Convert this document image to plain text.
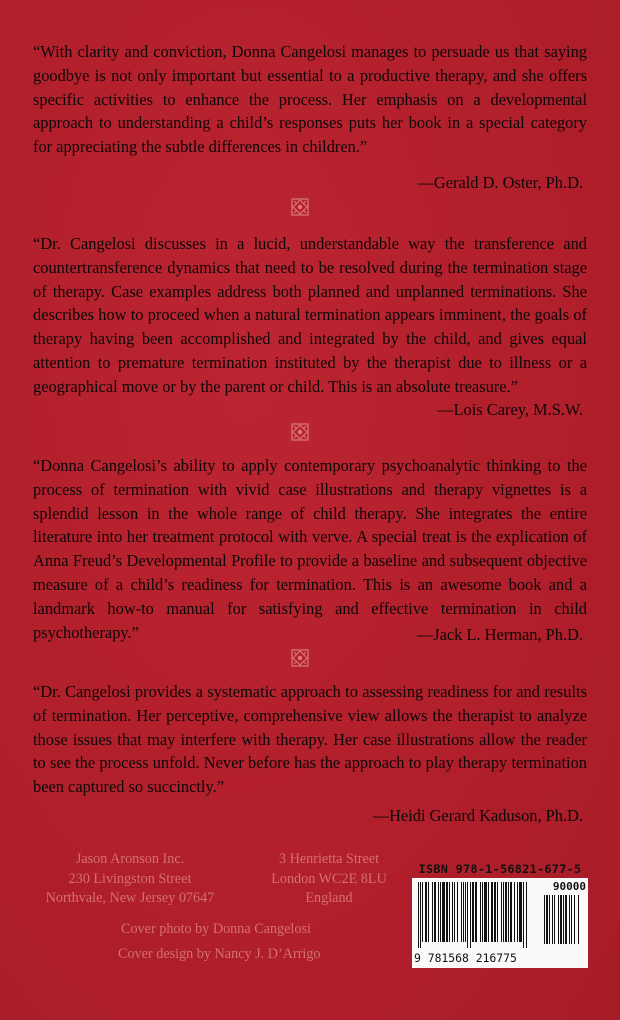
“With clarity and conviction, Donna Cangelosi manages to persuade us that saying goodbye is not only important but essential to a productive therapy, and she offers specific activities to enhance the process. Her emphasis on a developmental approach to understanding a child’s responses puts her book in a special category for appreciating the subtle differences in children.”

—Gerald D. Oster, Ph.D.

“Dr. Cangelosi discusses in a lucid, understandable way the transference and countertransference dynamics that need to be resolved during the termination stage of therapy. Case examples address both planned and unplanned terminations. She describes how to proceed when a natural termination appears imminent, the goals of therapy having been accomplished and integrated by the child, and gives equal attention to premature termination instituted by the therapist due to illness or a geographical move or by the parent or child. This is an absolute treasure.”

—Lois Carey, M.S.W.

“Donna Cangelosi’s ability to apply contemporary psychoanalytic thinking to the process of termination with vivid case illustrations and therapy vignettes is a splendid lesson in the whole range of child therapy. She integrates the entire literature into her treatment protocol with verve. A special treat is the explication of Anna Freud’s Developmental Profile to provide a baseline and subsequent objective measure of a child’s readiness for termination. This is an awesome book and a landmark how-to manual for satisfying and effective termination in child psychotherapy.”	—Jack L. Herman, Ph.D.

“Dr. Cangelosi provides a systematic approach to assessing readiness for and results of termination. Her perceptive, comprehensive view allows the therapist to analyze those issues that may interfere with therapy. Her case illustrations allow the reader to see the process unfold. Never before has the approach to play therapy termination been captured so succinctly.”

—Heidi Gerard Kaduson, Ph.D.

Jason Aronson Inc.
230 Livingston Street
Northvale, New Jersey 07647
3 Henrietta Street
London WC2E 8LU
England
Cover photo by Donna Cangelosi
Cover design by Nancy J. D’Arrigo
ISBN 978-1-56821-677-5
90000
9 781568 216775
